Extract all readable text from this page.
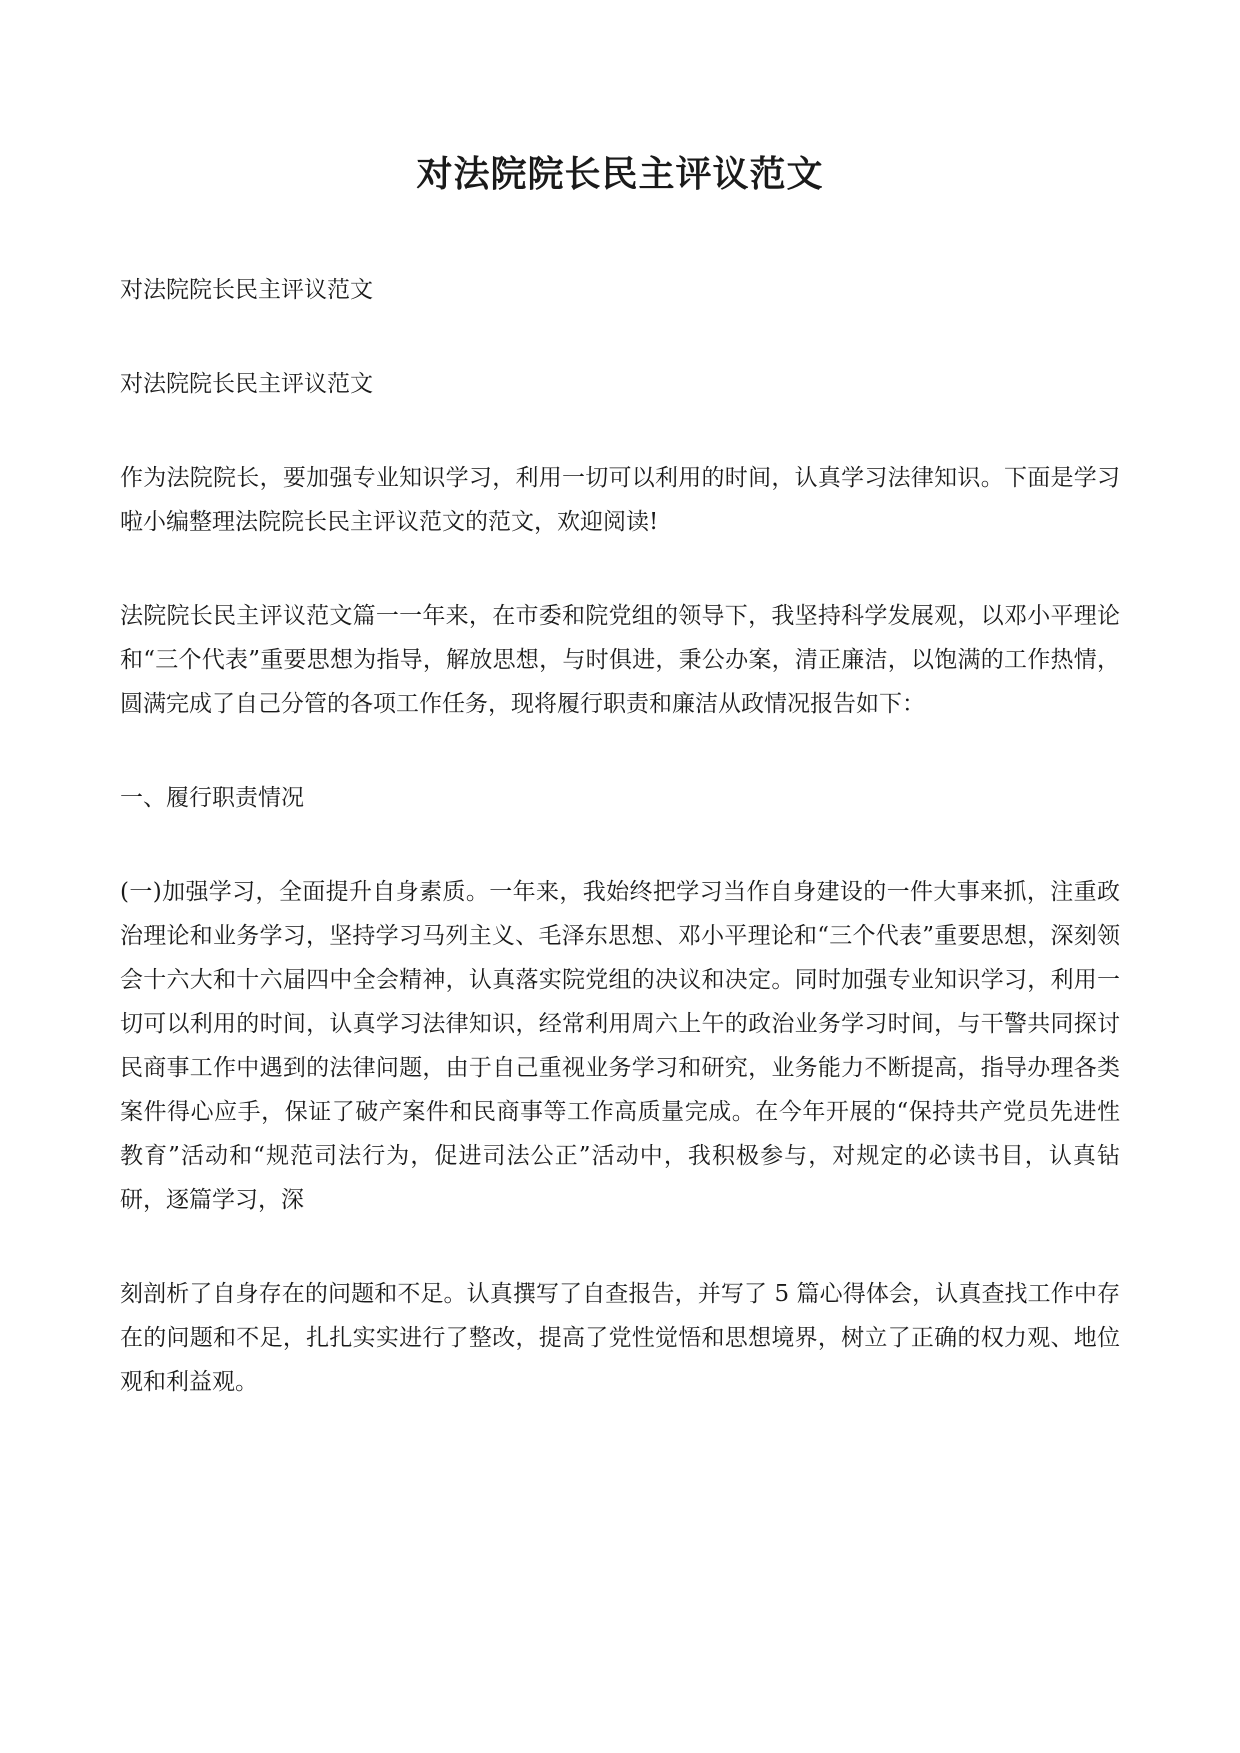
对法院院长民主评议范文

对法院院长民主评议范文

对法院院长民主评议范文

作为法院院长，要加强专业知识学习，利用一切可以利用的时间，认真学习法律知识。下面是学习啦小编整理法院院长民主评议范文的范文，欢迎阅读!

法院院长民主评议范文篇一一年来，在市委和院党组的领导下，我坚持科学发展观，以邓小平理论和“三个代表”重要思想为指导，解放思想，与时俱进，秉公办案，清正廉洁，以饱满的工作热情，圆满完成了自己分管的各项工作任务，现将履行职责和廉洁从政情况报告如下：

一、履行职责情况

(一)加强学习，全面提升自身素质。一年来，我始终把学习当作自身建设的一件大事来抓，注重政治理论和业务学习，坚持学习马列主义、毛泽东思想、邓小平理论和“三个代表”重要思想，深刻领会十六大和十六届四中全会精神，认真落实院党组的决议和决定。同时加强专业知识学习，利用一切可以利用的时间，认真学习法律知识，经常利用周六上午的政治业务学习时间，与干警共同探讨民商事工作中遇到的法律问题，由于自己重视业务学习和研究，业务能力不断提高，指导办理各类案件得心应手，保证了破产案件和民商事等工作高质量完成。在今年开展的“保持共产党员先进性教育”活动和“规范司法行为，促进司法公正”活动中，我积极参与，对规定的必读书目，认真钻研，逐篇学习，深

刻剖析了自身存在的问题和不足。认真撰写了自查报告，并写了 5 篇心得体会，认真查找工作中存在的问题和不足，扎扎实实进行了整改，提高了党性觉悟和思想境界，树立了正确的权力观、地位观和利益观。
